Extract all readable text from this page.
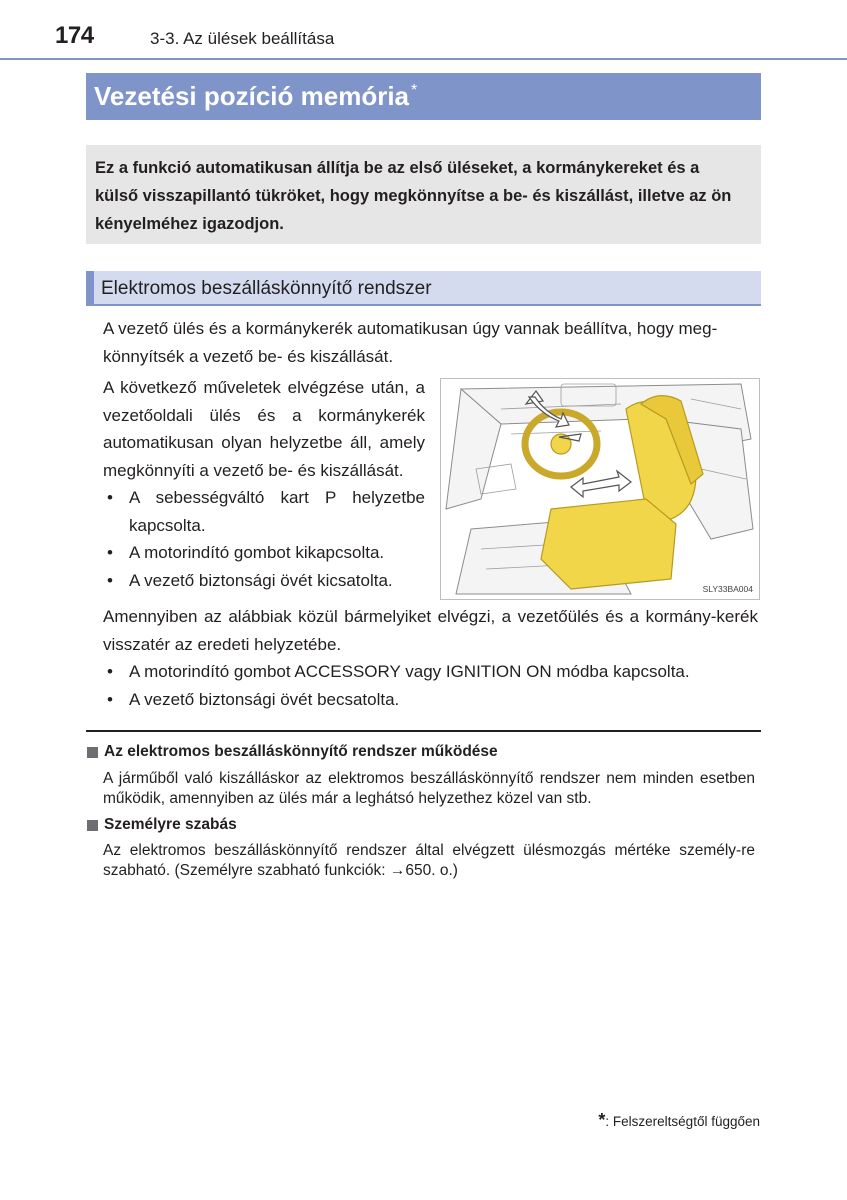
174	3-3. Az ülések beállítása
Vezetési pozíció memória *
Ez a funkció automatikusan állítja be az első üléseket, a kormánykereket és a külső visszapillantó tükröket, hogy megkönnyítse a be- és kiszállást, illetve az ön kényelméhez igazodjon.
Elektromos beszálláskönnyítő rendszer
A vezető ülés és a kormánykerék automatikusan úgy vannak beállítva, hogy meg-könnyítsék a vezető be- és kiszállását.
A következő műveletek elvégzése után, a vezetőoldali ülés és a kormánykerék automatikusan olyan helyzetbe áll, amely megkönnyíti a vezető be- és kiszállását.
• A sebességváltó kart P helyzetbe kapcsolta.
• A motorindító gombot kikapcsolta.
• A vezető biztonsági övét kicsatolta.	SLY33BA004
Amennyiben az alábbiak közül bármelyiket elvégzi, a vezetőülés és a kormány-kerék visszatér az eredeti helyzetébe.
• A motorindító gombot ACCESSORY vagy IGNITION ON módba kapcsolta.
• A vezető biztonsági övét becsatolta.
Az elektromos beszálláskönnyítő rendszer működése
A járműből való kiszálláskor az elektromos beszálláskönnyítő rendszer nem minden esetben működik, amennyiben az ülés már a leghátsó helyzethez közel van stb.
Személyre szabás
Az elektromos beszálláskönnyítő rendszer által elvégzett ülésmozgás mértéke személy-re szabható. (Személyre szabható funkciók: →650. o.)
*: Felszereltségtől függően
